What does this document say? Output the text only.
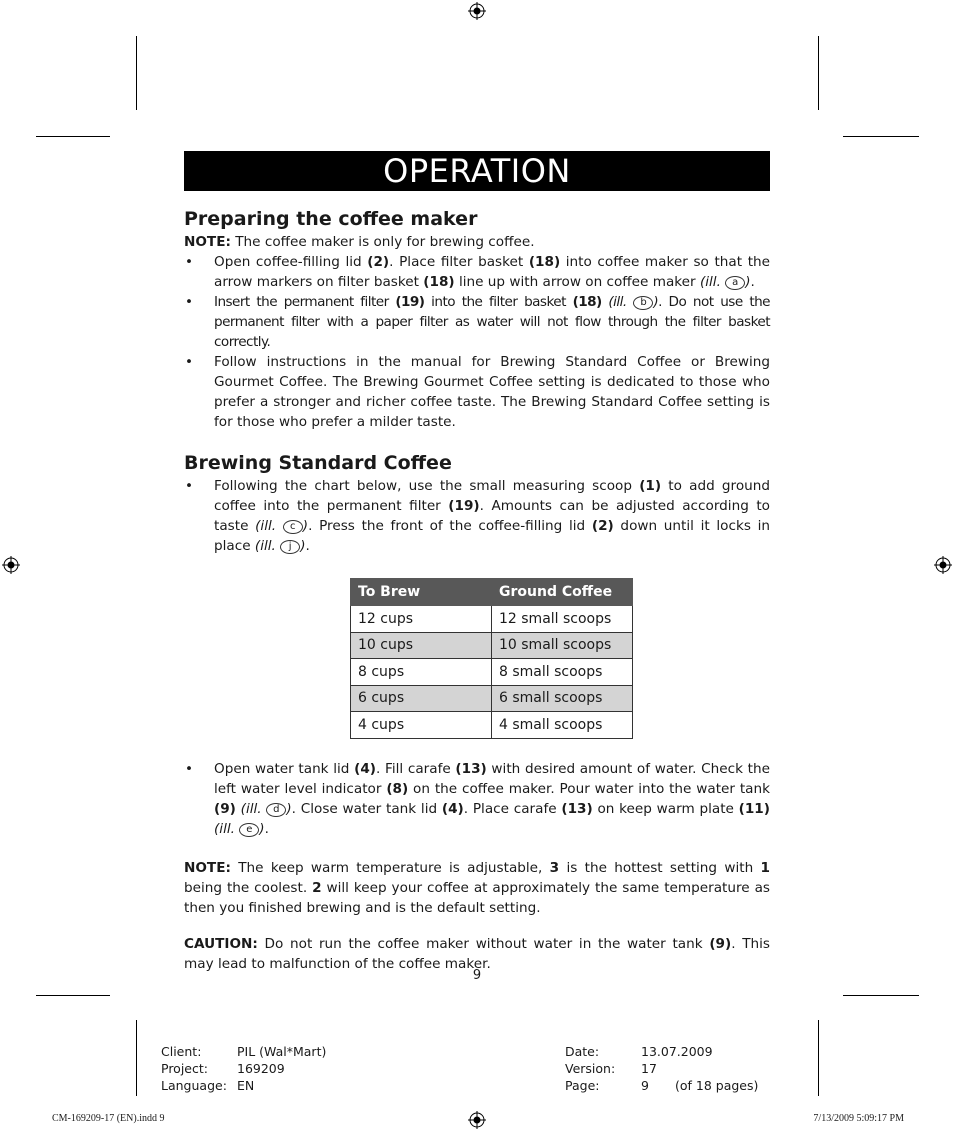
OPERATION
Preparing the coffee maker

NOTE: The coffee maker is only for brewing coffee.

• Open coffee-filling lid (2). Place filter basket (18) into coffee maker so that the arrow markers on filter basket (18) line up with arrow on coffee maker (ill. a ).
• Insert the permanent filter (19) into the filter basket (18) (ill. b ). Do not use the permanent filter with a paper filter as water will not flow through the filter basket correctly.
• Follow instructions in the manual for Brewing Standard Coffee or Brewing Gourmet Coffee. The Brewing Gourmet Coffee setting is dedicated to those who prefer a stronger and richer coffee taste. The Brewing Standard Coffee setting is for those who prefer a milder taste.
Brewing Standard Coffee
• Following the chart below, use the small measuring scoop (1) to add ground coffee into the permanent filter (19). Amounts can be adjusted according to taste (ill. c ). Press the front of the coffee-filling lid (2) down until it locks in place (ill. j ).
To Brew	Ground Coffee
12 cups	12 small scoops
10 cups	10 small scoops
8 cups	8 small scoops
6 cups	6 small scoops
4 cups	4 small scoops
• Open water tank lid (4). Fill carafe (13) with desired amount of water. Check the left water level indicator (8) on the coffee maker. Pour water into the water tank (9) (ill. d ). Close water tank lid (4). Place carafe (13) on keep warm plate (11) (ill. e ).

NOTE: The keep warm temperature is adjustable, 3 is the hottest setting with 1 being the coolest. 2 will keep your coffee at approximately the same temperature as then you finished brewing and is the default setting.

CAUTION: Do not run the coffee maker without water in the water tank (9). This may lead to malfunction of the coffee maker.

9
Client:	PIL (Wal*Mart)
Project: 169209
Language: EN
Date:	13.07.2009
Version: 17
Page:	9 (of 18 pages)
CM-169209-17 (EN).indd 9	7/13/2009 5:09:17 PM
